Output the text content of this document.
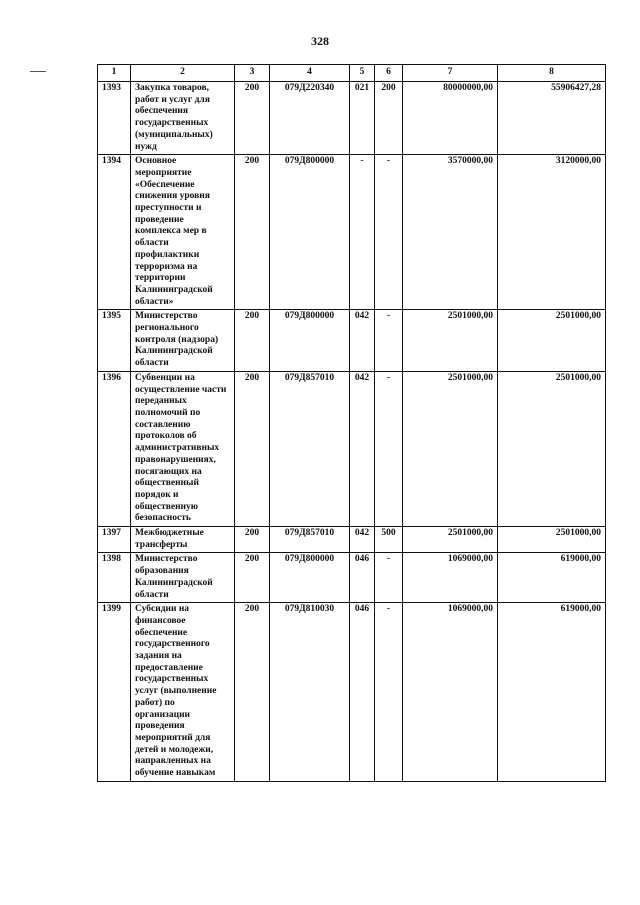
328
1	2	3	4	5	6	7	8
1393	Закупка товаров, работ и услуг для обеспечения государственных (муниципальных) нужд	200	079Д220340	021	200	80000000,00	55906427,28
1394	Основное мероприятие «Обеспечение снижения уровня преступности и проведение комплекса мер в области профилактики терроризма на территории Калининградской области»	200	079Д800000	-	-	3570000,00	3120000,00
1395	Министерство регионального контроля (надзора) Калининградской области	200	079Д800000	042	-	2501000,00	2501000,00
1396	Субвенции на осуществление части переданных полномочий по составлению протоколов об административных правонарушениях, посягающих на общественный порядок и общественную безопасность	200	079Д857010	042	-	2501000,00	2501000,00
1397	Межбюджетные трансферты	200	079Д857010	042	500	2501000,00	2501000,00
1398	Министерство образования Калининградской области	200	079Д800000	046	-	1069000,00	619000,00
1399	Субсидии на финансовое обеспечение государственного задания на предоставление государственных услуг (выполнение работ) по организации проведения мероприятий для детей и молодежи, направленных на обучение навыкам	200	079Д810030	046	-	1069000,00	619000,00
